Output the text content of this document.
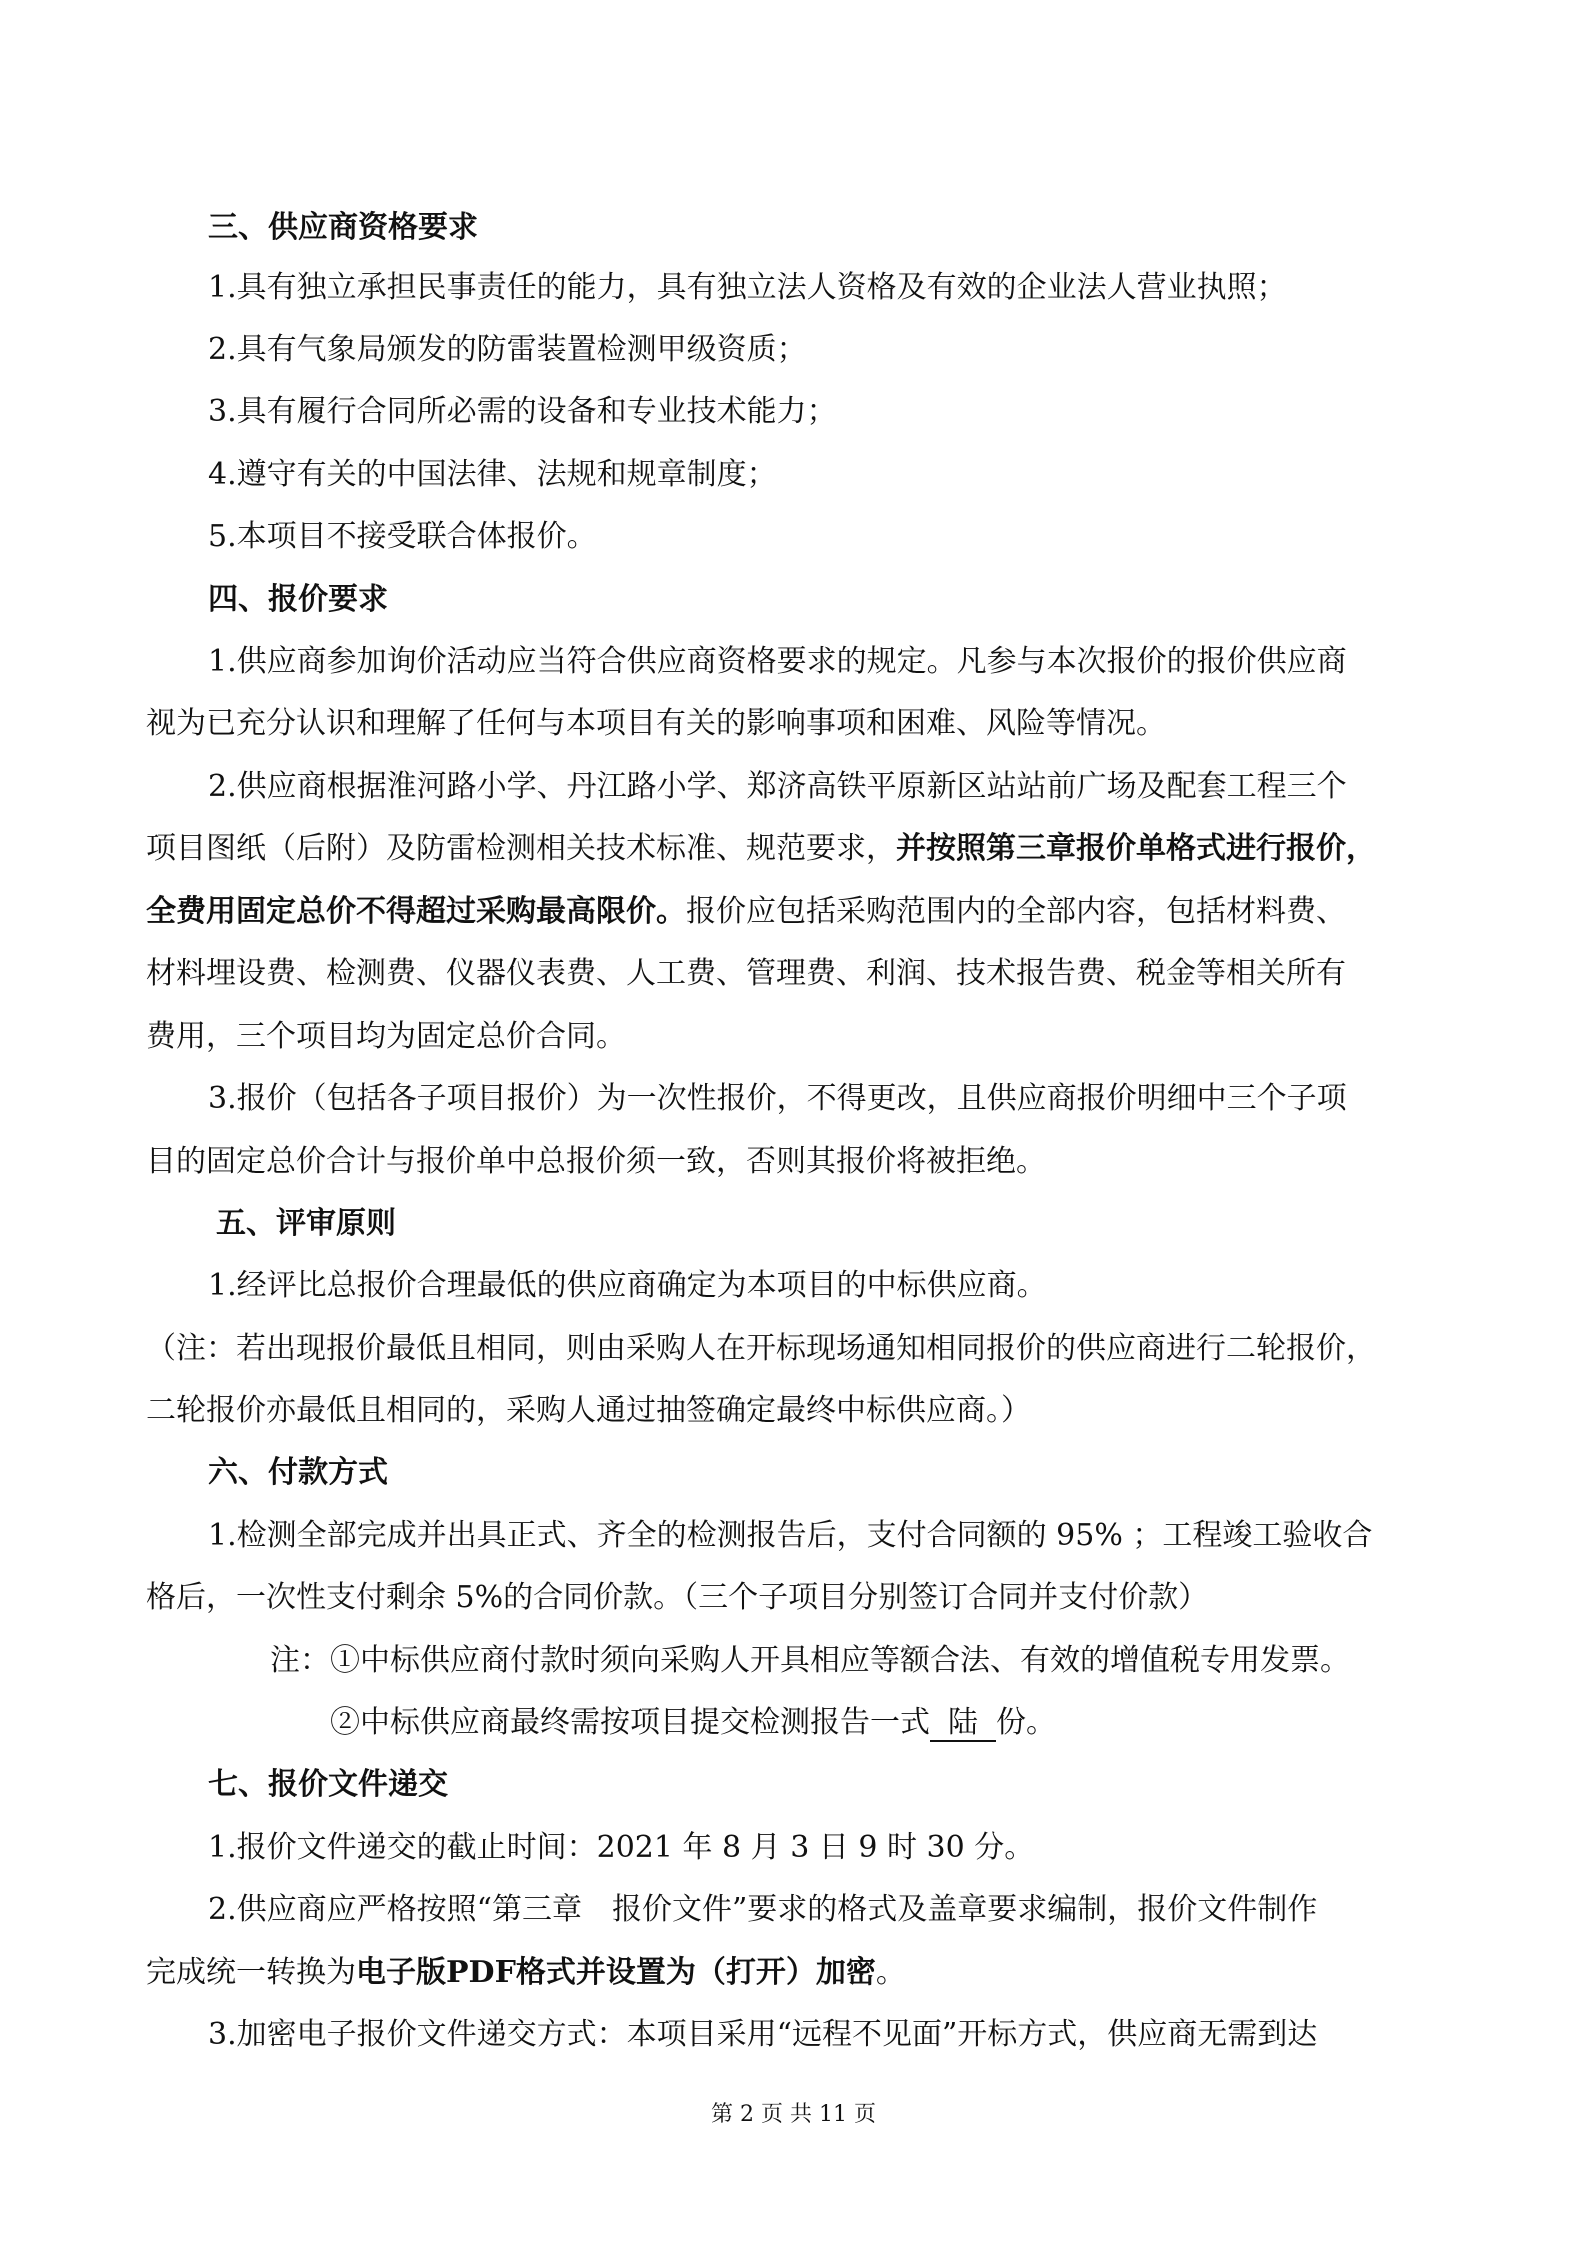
三、供应商资格要求
1.具有独立承担民事责任的能力，具有独立法人资格及有效的企业法人营业执照；
2.具有气象局颁发的防雷装置检测甲级资质；
3.具有履行合同所必需的设备和专业技术能力；
4.遵守有关的中国法律、法规和规章制度；
5.本项目不接受联合体报价。
四、报价要求
1.供应商参加询价活动应当符合供应商资格要求的规定。凡参与本次报价的报价供应商
视为已充分认识和理解了任何与本项目有关的影响事项和困难、风险等情况。
2.供应商根据淮河路小学、丹江路小学、郑济高铁平原新区站站前广场及配套工程三个
项目图纸（后附）及防雷检测相关技术标准、规范要求，并按照第三章报价单格式进行报价，
全费用固定总价不得超过采购最高限价。报价应包括采购范围内的全部内容，包括材料费、
材料埋设费、检测费、仪器仪表费、人工费、管理费、利润、技术报告费、税金等相关所有
费用，三个项目均为固定总价合同。
3.报价（包括各子项目报价）为一次性报价，不得更改，且供应商报价明细中三个子项
目的固定总价合计与报价单中总报价须一致，否则其报价将被拒绝。
五、评审原则
1.经评比总报价合理最低的供应商确定为本项目的中标供应商。
（注：若出现报价最低且相同，则由采购人在开标现场通知相同报价的供应商进行二轮报价，
二轮报价亦最低且相同的，采购人通过抽签确定最终中标供应商。）
六、付款方式
1.检测全部完成并出具正式、齐全的检测报告后，支付合同额的 95% ；工程竣工验收合
格后，一次性支付剩余 5%的合同价款。（三个子项目分别签订合同并支付价款）
注：①中标供应商付款时须向采购人开具相应等额合法、有效的增值税专用发票。
②中标供应商最终需按项目提交检测报告一式 陆 份。
七、报价文件递交
1.报价文件递交的截止时间：2021 年 8 月 3 日 9 时 30 分。
2.供应商应严格按照“第三章　报价文件”要求的格式及盖章要求编制，报价文件制作
完成统一转换为电子版PDF格式并设置为（打开）加密。
3.加密电子报价文件递交方式：本项目采用“远程不见面”开标方式，供应商无需到达
第 2 页 共 11 页
